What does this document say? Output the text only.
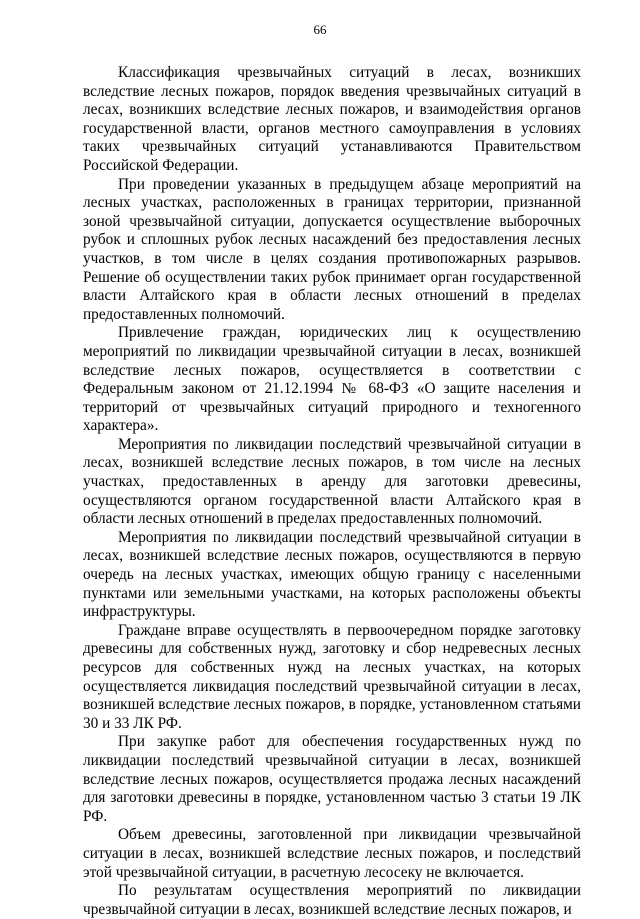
66

Классификация чрезвычайных ситуаций в лесах, возникших вследствие лесных пожаров, порядок введения чрезвычайных ситуаций в лесах, возникших вследствие лесных пожаров, и взаимодействия органов государственной власти, органов местного самоуправления в условиях таких чрезвычайных ситуаций устанавливаются Правительством Российской Федерации.

При проведении указанных в предыдущем абзаце мероприятий на лесных участках, расположенных в границах территории, признанной зоной чрезвычайной ситуации, допускается осуществление выборочных рубок и сплошных рубок лесных насаждений без предоставления лесных участков, в том числе в целях создания противопожарных разрывов. Решение об осуществлении таких рубок принимает орган государственной власти Алтайского края в области лесных отношений в пределах предоставленных полномочий.

Привлечение граждан, юридических лиц к осуществлению мероприятий по ликвидации чрезвычайной ситуации в лесах, возникшей вследствие лесных пожаров, осуществляется в соответствии с Федеральным законом от 21.12.1994 № 68-ФЗ «О защите населения и территорий от чрезвычайных ситуаций природного и техногенного характера».

Мероприятия по ликвидации последствий чрезвычайной ситуации в лесах, возникшей вследствие лесных пожаров, в том числе на лесных участках, предоставленных в аренду для заготовки древесины, осуществляются органом государственной власти Алтайского края в области лесных отношений в пределах предоставленных полномочий.

Мероприятия по ликвидации последствий чрезвычайной ситуации в лесах, возникшей вследствие лесных пожаров, осуществляются в первую очередь на лесных участках, имеющих общую границу с населенными пунктами или земельными участками, на которых расположены объекты инфраструктуры.

Граждане вправе осуществлять в первоочередном порядке заготовку древесины для собственных нужд, заготовку и сбор недревесных лесных ресурсов для собственных нужд на лесных участках, на которых осуществляется ликвидация последствий чрезвычайной ситуации в лесах, возникшей вследствие лесных пожаров, в порядке, установленном статьями 30 и 33 ЛК РФ.

При закупке работ для обеспечения государственных нужд по ликвидации последствий чрезвычайной ситуации в лесах, возникшей вследствие лесных пожаров, осуществляется продажа лесных насаждений для заготовки древесины в порядке, установленном частью 3 статьи 19 ЛК РФ.

Объем древесины, заготовленной при ликвидации чрезвычайной ситуации в лесах, возникшей вследствие лесных пожаров, и последствий этой чрезвычайной ситуации, в расчетную лесосеку не включается.

По результатам осуществления мероприятий по ликвидации чрезвычайной ситуации в лесах, возникшей вследствие лесных пожаров, и
